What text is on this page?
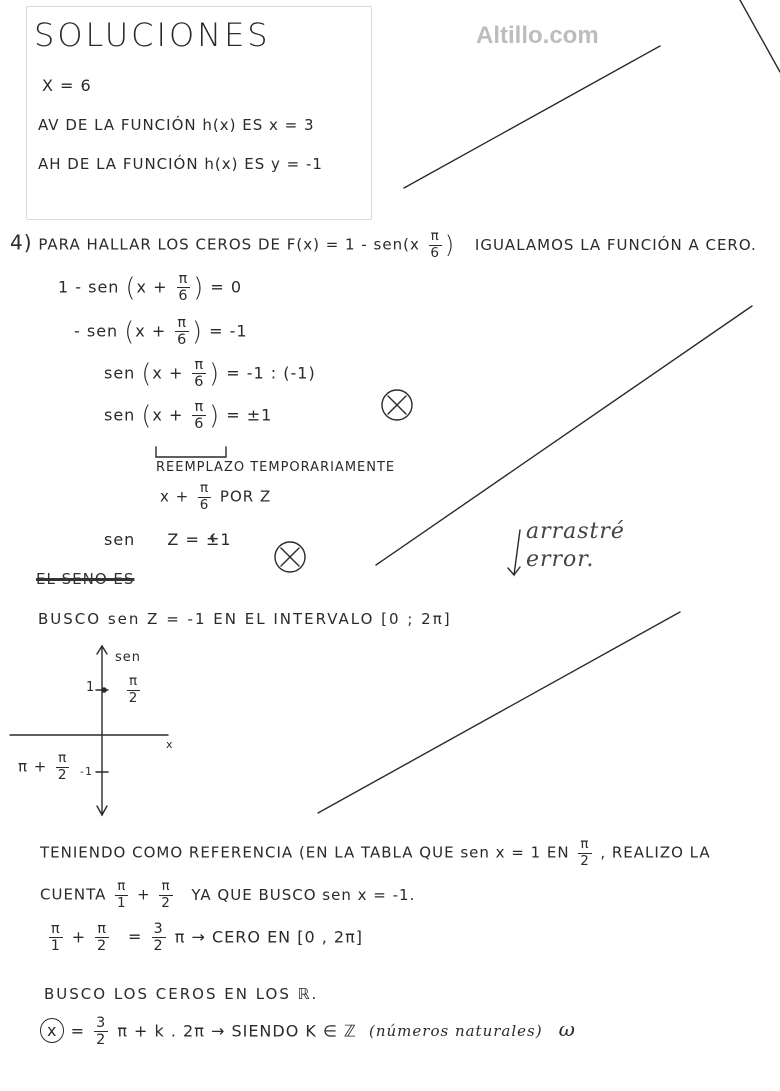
SOLUCIONES	Altillo.com
X = 6
AV DE LA FUNCIÓN h(x) ES x = 3
AH DE LA FUNCIÓN h(x) ES y = -1
4) PARA HALLAR LOS CEROS DE $F(x) = 1 - sen(x \frac{\pi}{6}$ ) IGUALAMOS LA FUNCIÓN A CERO.
1 - sen ($x + \frac{\pi}{6}$ ) = 0
- sen ($x + \frac{\pi}{6}$ ) = -1
sen ($x + \frac{\pi}{6}$ ) = -1 : (-1)
sen ($x + \frac{\pi}{6}$ ) = ±1
REEMPLAZO TEMPORARIAMENTE
$x + \frac{\pi}{6}$ POR Z
sen Z = ±1	arrastré error.
EL SENO ES
BUSCO sen Z = -1 EN EL INTERVALO [0 ; 2π]
sen
$1 \frac{\pi}{2}$
x
$\pi + \frac{\pi}{2} -1$
TENIENDO COMO REFERENCIA (EN LA TABLA QUE sen x = 1 EN $\frac{\pi}{2}$ , REALIZO LA
CUENTA $\frac{\pi}{1} + \frac{\pi}{2}$ YA QUE BUSCO sen x = -1.
$\frac{\pi}{1} + \frac{\pi}{2} = \frac{3}{2}$ π → CERO EN [0 , 2π]
BUSCO LOS CEROS EN LOS ℝ.
$x = \frac{3}{2}$ π + k . 2π → SIENDO K ∈ ℤ (números naturales) ω
